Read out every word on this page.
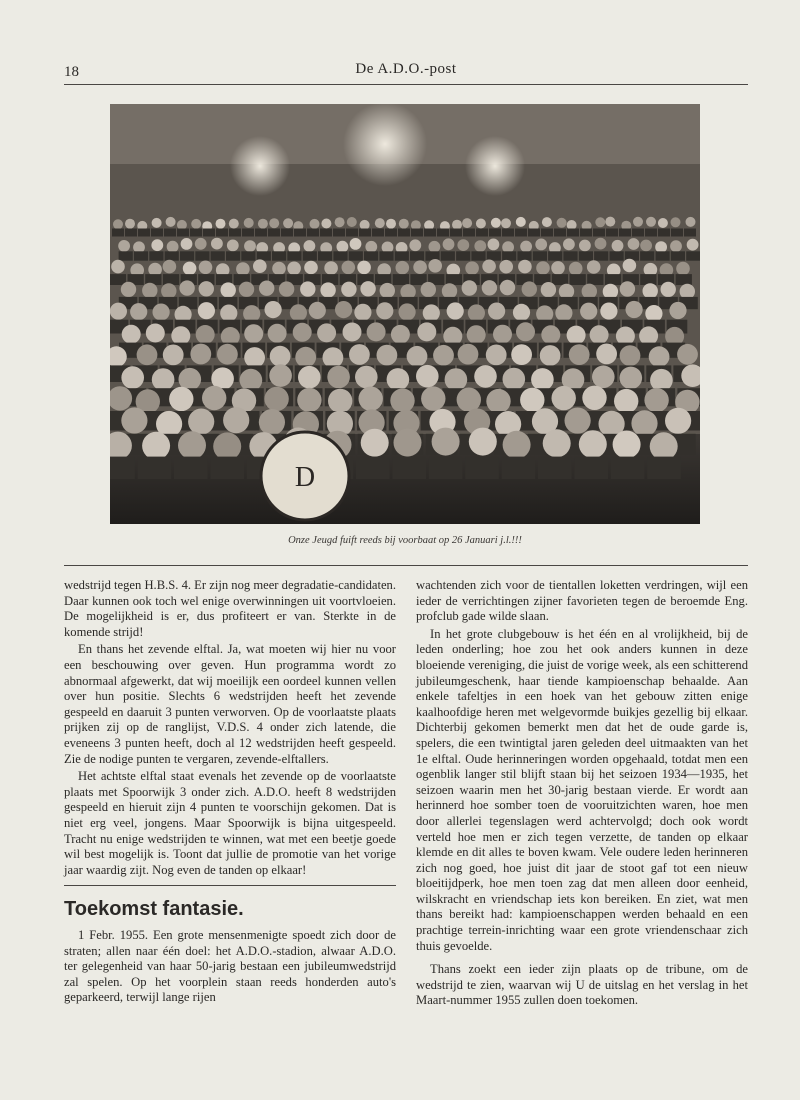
18	De A.D.O.-post
D
Onze Jeugd fuift reeds bij voorbaat op 26 Januari j.l.!!!

wedstrijd tegen H.B.S. 4. Er zijn nog meer degradatie-candidaten. Daar kunnen ook toch wel enige overwinningen uit voortvloeien. De mogelijkheid is er, dus profiteert er van. Sterkte in de komende strijd!

En thans het zevende elftal. Ja, wat moeten wij hier nu voor een beschouwing over geven. Hun programma wordt zo abnormaal afgewerkt, dat wij moeilijk een oordeel kunnen vellen over hun positie. Slechts 6 wedstrijden heeft het zevende gespeeld en daaruit 3 punten verworven. Op de voorlaatste plaats prijken zij op de ranglijst, V.D.S. 4 onder zich latende, die eveneens 3 punten heeft, doch al 12 wedstrijden heeft gespeeld. Zie de nodige punten te vergaren, zevende-elftallers.

Het achtste elftal staat evenals het zevende op de voorlaatste plaats met Spoorwijk 3 onder zich. A.D.O. heeft 8 wedstrijden gespeeld en hieruit zijn 4 punten te voorschijn gekomen. Dat is niet erg veel, jongens. Maar Spoorwijk is bijna uitgespeeld. Tracht nu enige wedstrijden te winnen, wat met een beetje goede wil best mogelijk is. Toont dat jullie de promotie van het vorige jaar waardig zijt. Nog even de tanden op elkaar!

Toekomst fantasie.

1 Febr. 1955. Een grote mensenmenigte spoedt zich door de straten; allen naar één doel: het A.D.O.-stadion, alwaar A.D.O. ter gelegenheid van haar 50-jarig bestaan een jubileumwedstrijd zal spelen. Op het voorplein staan reeds honderden auto's geparkeerd, terwijl lange rijen

wachtenden zich voor de tientallen loketten verdringen, wijl een ieder de verrichtingen zijner favorieten tegen de beroemde Eng. profclub gade wilde slaan.

In het grote clubgebouw is het één en al vrolijkheid, bij de leden onderling; hoe zou het ook anders kunnen in deze bloeiende vereniging, die juist de vorige week, als een schitterend jubileumgeschenk, haar tiende kampioenschap behaalde. Aan enkele tafeltjes in een hoek van het gebouw zitten enige kaalhoofdige heren met welgevormde buikjes gezellig bij elkaar. Dichterbij gekomen bemerkt men dat het de oude garde is, spelers, die een twintigtal jaren geleden deel uitmaakten van het 1e elftal. Oude herinneringen worden opgehaald, totdat men een ogenblik langer stil blijft staan bij het seizoen 1934—1935, het seizoen waarin men het 30-jarig bestaan vierde. Er wordt aan herinnerd hoe somber toen de vooruitzichten waren, hoe men door allerlei tegenslagen werd achtervolgd; doch ook wordt verteld hoe men er zich tegen verzette, de tanden op elkaar klemde en dit alles te boven kwam. Vele oudere leden herinneren zich nog goed, hoe juist dit jaar de stoot gaf tot een nieuw bloeitijdperk, hoe men toen zag dat men alleen door eenheid, wilskracht en vriendschap iets kon bereiken. En ziet, wat men thans bereikt had: kampioenschappen werden behaald en een prachtige terrein-inrichting waar een grote vriendenschaar zich thuis gevoelde.

Thans zoekt een ieder zijn plaats op de tribune, om de wedstrijd te zien, waarvan wij U de uitslag en het verslag in het Maart-nummer 1955 zullen doen toekomen.
